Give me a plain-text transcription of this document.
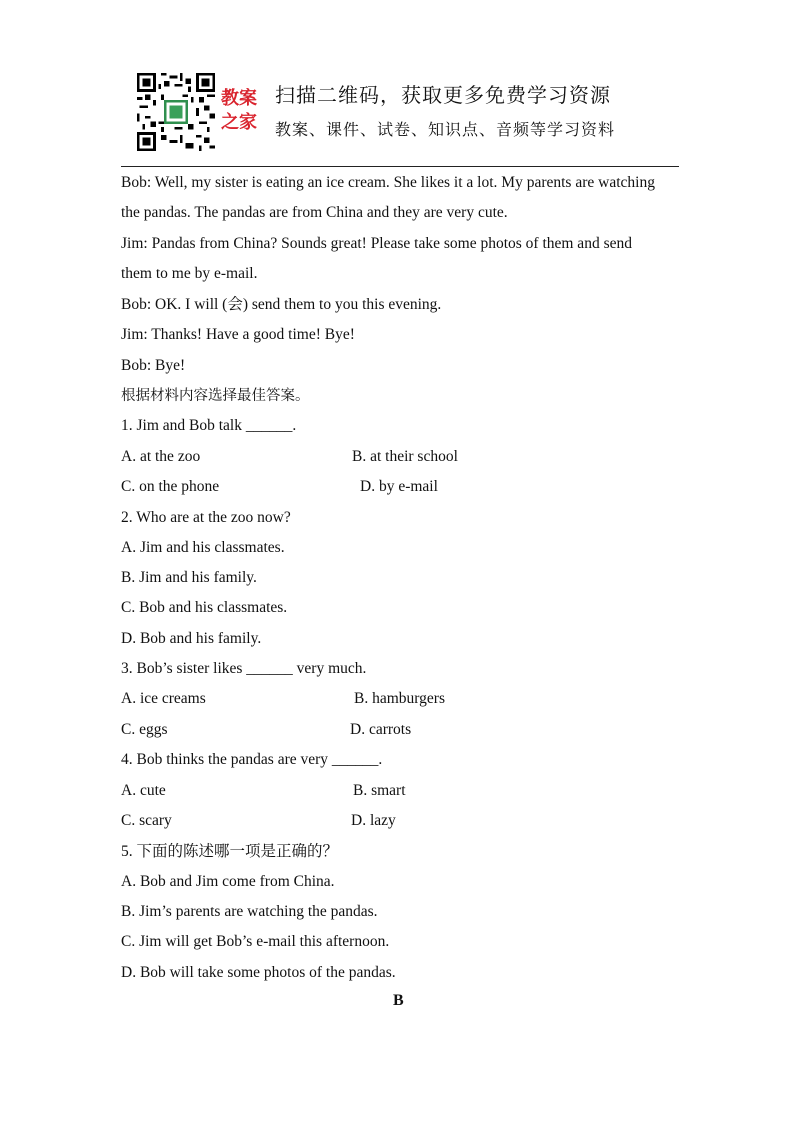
教案
之家
扫描二维码，获取更多免费学习资源
教案、课件、试卷、知识点、音频等学习资料
Bob: Well, my sister is eating an ice cream. She likes it a lot. My parents are watching
the pandas. The pandas are from China and they are very cute.
Jim: Pandas from China? Sounds great! Please take some photos of them and send
them to me by e-mail.
Bob: OK. I will (会) send them to you this evening.
Jim: Thanks! Have a good time! Bye!
Bob: Bye!
根据材料内容选择最佳答案。
1. Jim and Bob talk ______.
A. at the zoo	B. at their school
C. on the phone	D. by e-mail
2. Who are at the zoo now?
A. Jim and his classmates.
B. Jim and his family.
C. Bob and his classmates.
D. Bob and his family.
3. Bob’s sister likes ______ very much.
A. ice creams	B. hamburgers
C. eggs	D. carrots
4. Bob thinks the pandas are very ______.
A. cute	B. smart
C. scary	D. lazy
5. 下面的陈述哪一项是正确的？
A. Bob and Jim come from China.
B. Jim’s parents are watching the pandas.
C. Jim will get Bob’s e-mail this afternoon.
D. Bob will take some photos of the pandas.
B
